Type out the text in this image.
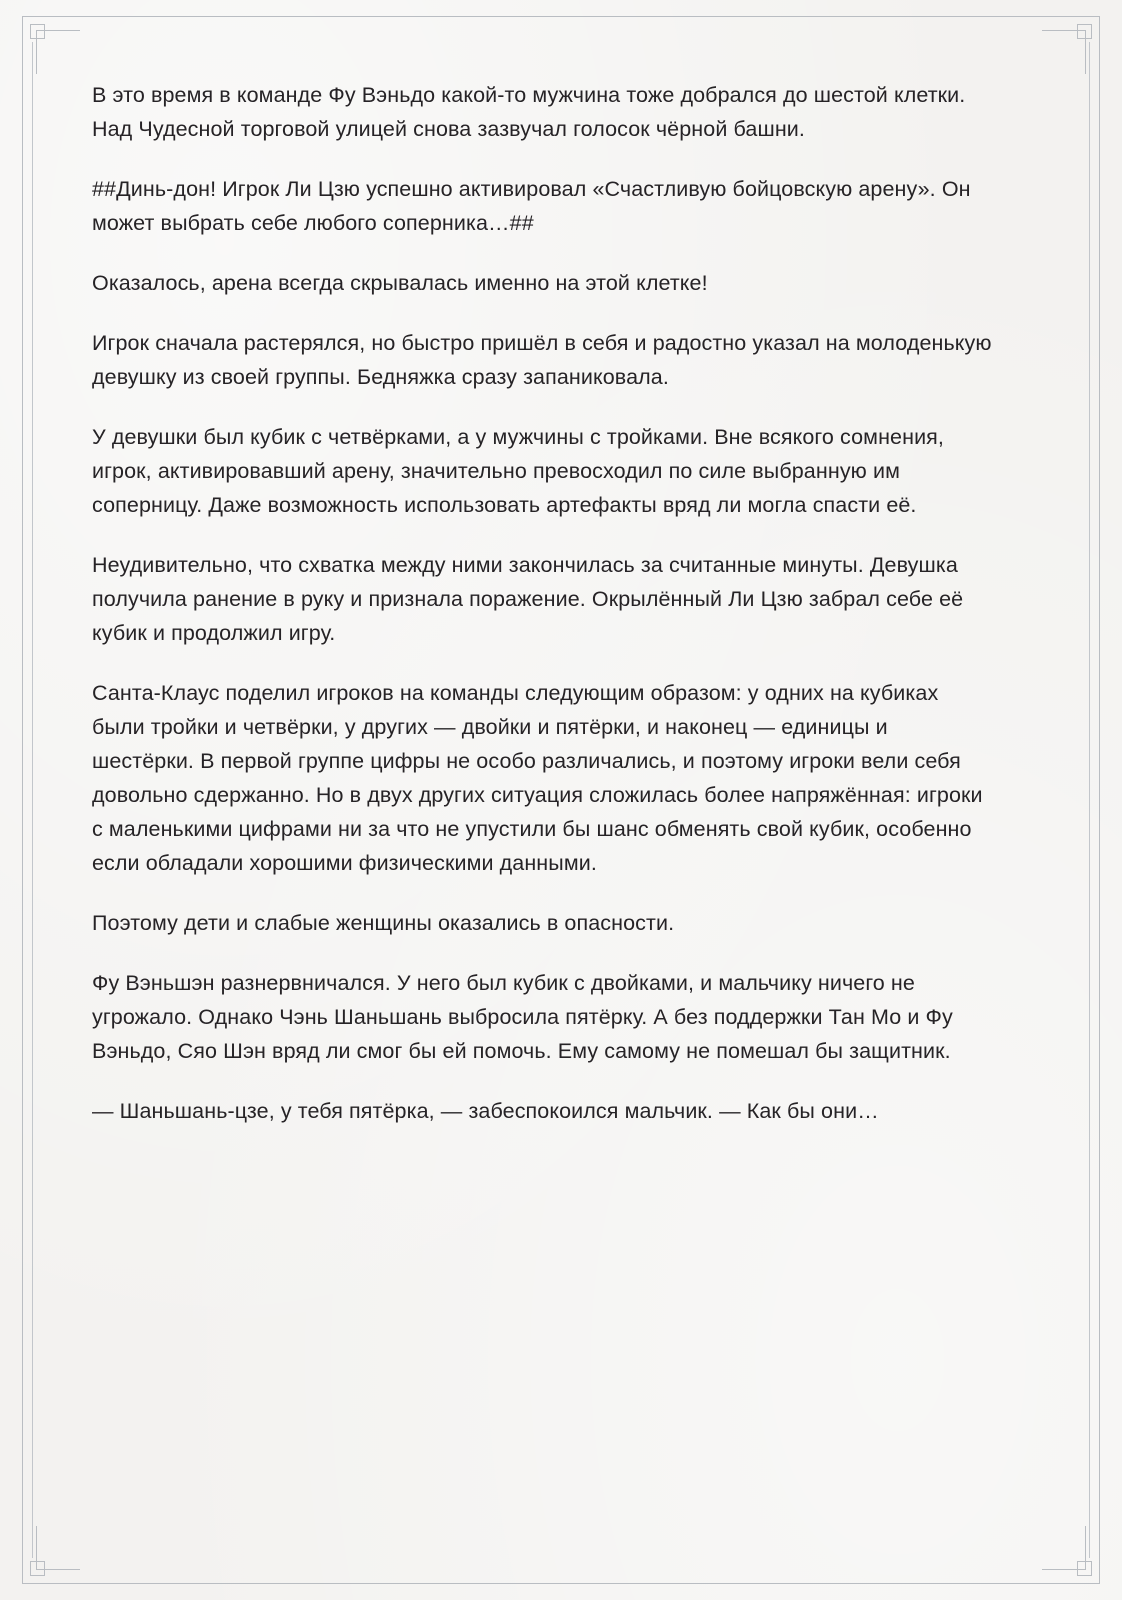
В это время в команде Фу Вэньдо какой-то мужчина тоже добрался до шестой клетки. Над Чудесной торговой улицей снова зазвучал голосок чёрной башни.

##Динь-дон! Игрок Ли Цзю успешно активировал «Счастливую бойцовскую арену». Он может выбрать себе любого соперника…##

Оказалось, арена всегда скрывалась именно на этой клетке!

Игрок сначала растерялся, но быстро пришёл в себя и радостно указал на молоденькую девушку из своей группы. Бедняжка сразу запаниковала.

У девушки был кубик с четвёрками, а у мужчины с тройками. Вне всякого сомнения, игрок, активировавший арену, значительно превосходил по силе выбранную им соперницу. Даже возможность использовать артефакты вряд ли могла спасти её.

Неудивительно, что схватка между ними закончилась за считанные минуты. Девушка получила ранение в руку и признала поражение. Окрылённый Ли Цзю забрал себе её кубик и продолжил игру.

Санта-Клаус поделил игроков на команды следующим образом: у одних на кубиках были тройки и четвёрки, у других — двойки и пятёрки, и наконец — единицы и шестёрки. В первой группе цифры не особо различались, и поэтому игроки вели себя довольно сдержанно. Но в двух других ситуация сложилась более напряжённая: игроки с маленькими цифрами ни за что не упустили бы шанс обменять свой кубик, особенно если обладали хорошими физическими данными.

Поэтому дети и слабые женщины оказались в опасности.

Фу Вэньшэн разнервничался. У него был кубик с двойками, и мальчику ничего не угрожало. Однако Чэнь Шаньшань выбросила пятёрку. А без поддержки Тан Мо и Фу Вэньдо, Сяо Шэн вряд ли смог бы ей помочь. Ему самому не помешал бы защитник.

— Шаньшань-цзе, у тебя пятёрка, — забеспокоился мальчик. — Как бы они…
